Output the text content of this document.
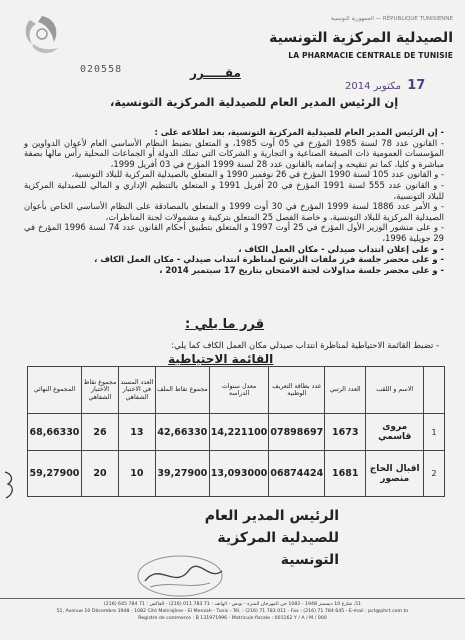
الجمهورية التونسية — RÉPUBLIQUE TUNISIENNE
الصيدلية المركزية التونسية
LA PHARMACIE CENTRALE DE TUNISIE
020558	مقـــــرر
17 مكتوبر 2014
إن الرئيس المدير العام للصيدلية المركزية التونسية،

- إن الرئيس المدير العام للصيدلية المركزية التونسية، بعد اطلاعه على :

- القانون عدد 78 لسنة 1985 المؤرخ في 05 أوت 1985، و المتعلق بضبط النظام الأساسي العام لأعوان الدواوين و المؤسسات العمومية ذات الصبغة الصناعية و التجارية و الشركات التي تملك الدولة أو الجماعات المحلية رأس مالها بصفة مباشرة و كليا، كما تم تنقيحه و إتمامه بالقانون عدد 28 لسنة 1999 المؤرخ في 03 أفريل 1999،

- و القانون عدد 105 لسنة 1990 المؤرخ في 26 نوفمبر 1990 و المتعلق بالصيدلية المركزية للبلاد التونسية،

- و القانون عدد 555 لسنة 1991 المؤرخ في 20 أفريل 1991 و المتعلق بالتنظيم الإداري و المالي للصيدلية المركزية للبلاد التونسية،

- و الأمر عدد 1886 لسنة 1999 المؤرخ في 30 أوت 1999 و المتعلق بالمصادقة على النظام الأساسي الخاص بأعوان الصيدلية المركزية للبلاد التونسية، و خاصة الفصل 25 المتعلق بتركيبة و مشمولات لجنة المناظرات،

- و على منشور الوزير الأول المؤرخ في 25 أوت 1997 و المتعلق بتطبيق أحكام القانون عدد 74 لسنة 1996 المؤرخ في 29 جويلية 1996،

- و على إعلان انتداب صيدلي - مكان العمل الكاف ،

- و على محضر جلسة فرز ملفات الترشح لمناظرة انتداب صيدلي - مكان العمل الكاف ،

- و على محضر جلسة مداولات لجنة الامتحان بتاريخ 17 سبتمبر 2014 ،

قرر ما يلي :
- تضبط القائمة الاحتياطية لمناظرة انتداب صيدلي مكان العمل الكاف كما يلي:
القائمة الاحتياطية
	الاسم و اللقب	العدد الرتبي	عدد بطاقة التعريف الوطنية	معدل سنوات الدراسة	مجموع نقاط الملف	العدد المسند في الاختبار الشفاهي	مجموع نقاط الاختبار الشفاهي	المجموع النهائي
1	مروى قاسمي	1673	07898697	14,221100	42,66330	13	26	68,66330
2	اقبال الحاج منصور	1681	06874424	13,093000	39,27900	10	20	59,27900
الرئيس المدير العام
للصيدلية المركزية التونسية
51، شارع 10 ديسمبر 1948 - 1082 حي المهرجان المنزه - تونس - الهاتف : 71 783 011 (216) - الفاكس : 71 784 645 (216)
51, Avenue 10 Décembre 1948 - 1082 Cité Mahrajène - El Menzah - Tunis - Tél. : (216) 71 783 011 - Fax : (216) 71 784 645 - E-mail : pct@phct.com.tn
Registre de commerce : B 131971996 - Matricule fiscale : 001162 Y / A / M / 000
